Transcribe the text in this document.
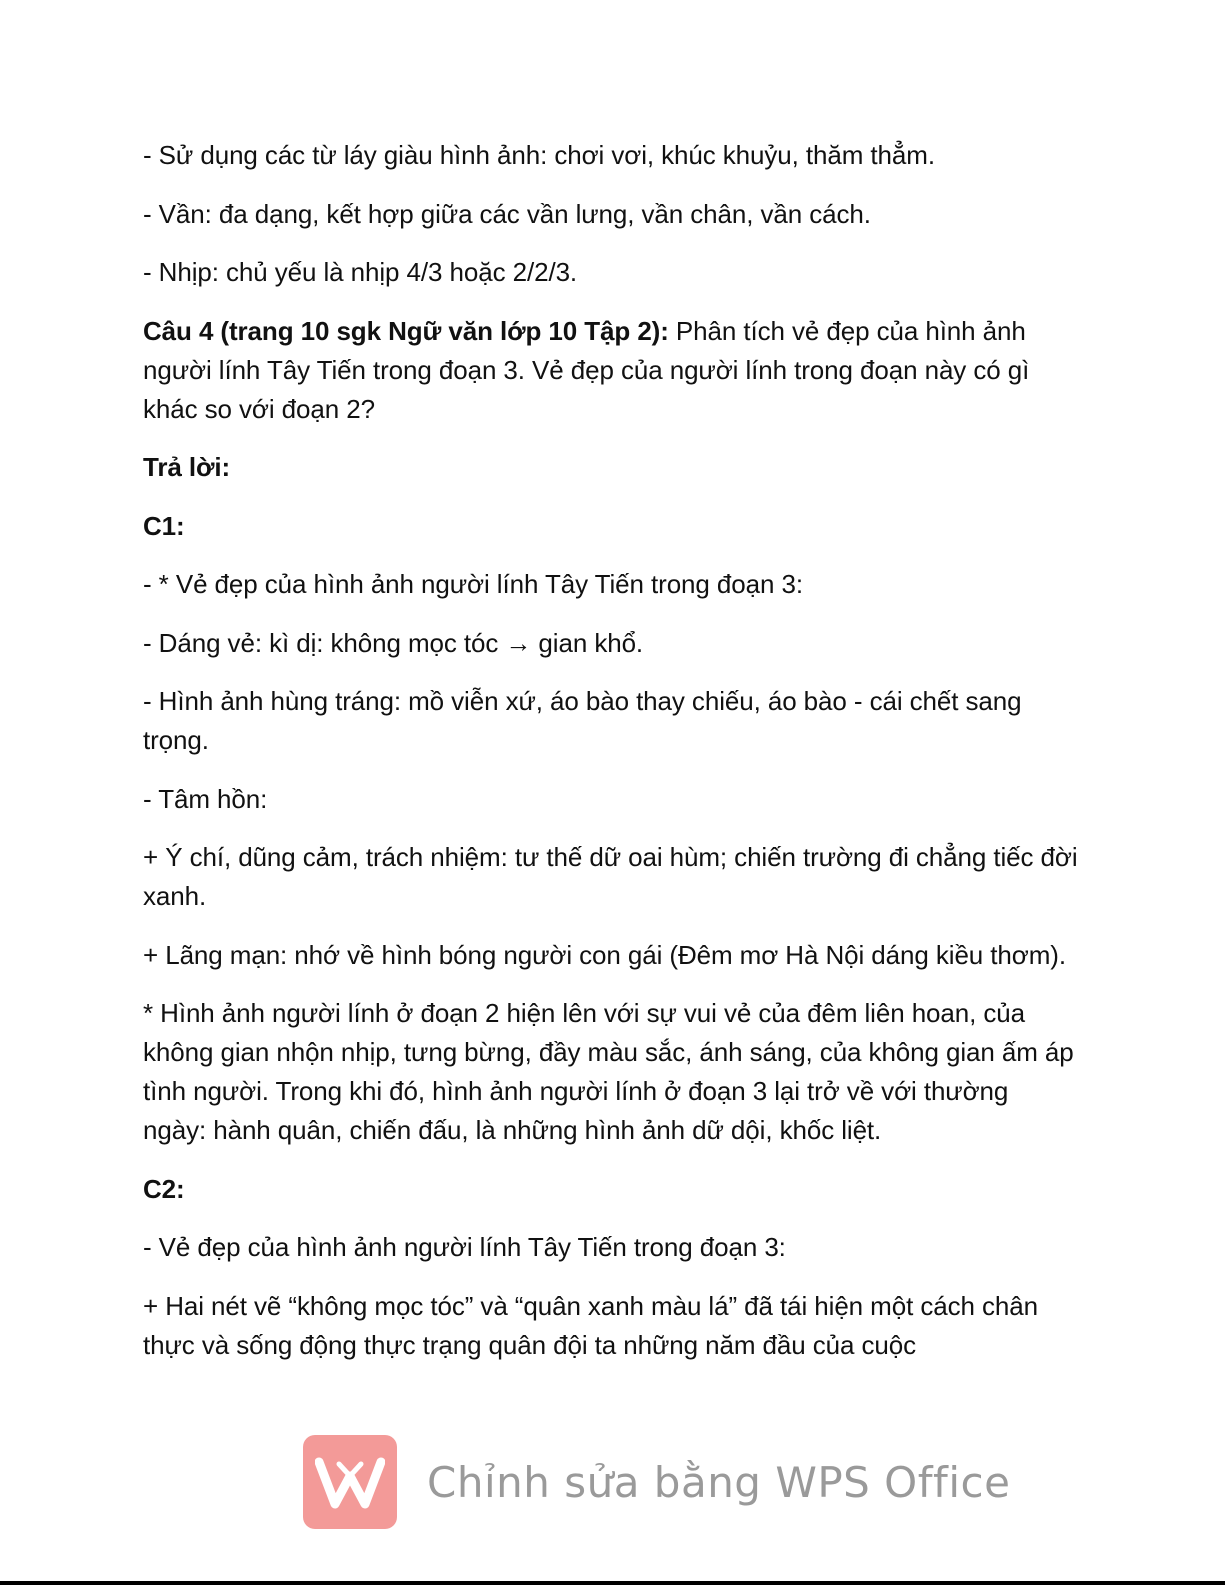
- Sử dụng các từ láy giàu hình ảnh: chơi vơi, khúc khuỷu, thăm thẳm.

- Vần: đa dạng, kết hợp giữa các vần lưng, vần chân, vần cách.

- Nhịp: chủ yếu là nhịp 4/3 hoặc 2/2/3.

Câu 4 (trang 10 sgk Ngữ văn lớp 10 Tập 2): Phân tích vẻ đẹp của hình ảnh người lính Tây Tiến trong đoạn 3. Vẻ đẹp của người lính trong đoạn này có gì khác so với đoạn 2?

Trả lời:

C1:

- * Vẻ đẹp của hình ảnh người lính Tây Tiến trong đoạn 3:

- Dáng vẻ: kì dị: không mọc tóc → gian khổ.

- Hình ảnh hùng tráng: mồ viễn xứ, áo bào thay chiếu, áo bào - cái chết sang trọng.

- Tâm hồn:

+ Ý chí, dũng cảm, trách nhiệm: tư thế dữ oai hùm; chiến trường đi chẳng tiếc đời xanh.

+ Lãng mạn: nhớ về hình bóng người con gái (Đêm mơ Hà Nội dáng kiều thơm).

* Hình ảnh người lính ở đoạn 2 hiện lên với sự vui vẻ của đêm liên hoan, của không gian nhộn nhịp, tưng bừng, đầy màu sắc, ánh sáng, của không gian ấm áp tình người. Trong khi đó, hình ảnh người lính ở đoạn 3 lại trở về với thường ngày: hành quân, chiến đấu, là những hình ảnh dữ dội, khốc liệt.

C2:

- Vẻ đẹp của hình ảnh người lính Tây Tiến trong đoạn 3:

+ Hai nét vẽ “không mọc tóc” và “quân xanh màu lá” đã tái hiện một cách chân thực và sống động thực trạng quân đội ta những năm đầu của cuộc

Chỉnh sửa bằng WPS Office
